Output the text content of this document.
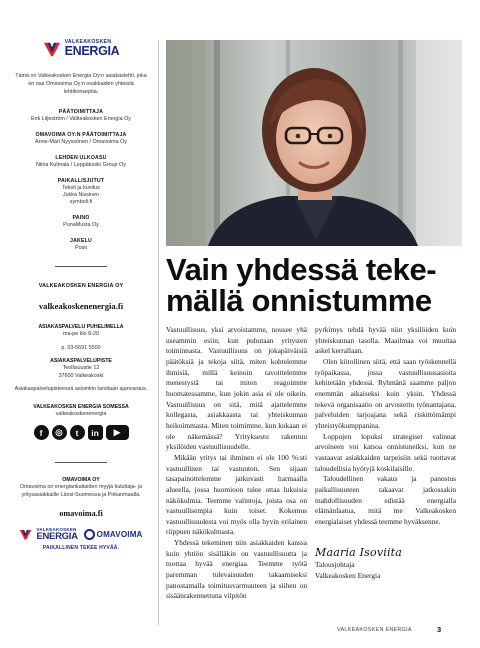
VALKEAKOSKEN
ENERGIA
Tämä on Valkeakosken Energia Oy:n asiakaslehti, joka on osa Omavoima Oy:n osakkaiden yhteistä lehtikonseptia.
PÄÄTOIMITTAJA
Erik Liljeström / Valkeakosken Energia Oy
OMAVOIMA OY:N PÄÄTOIMITTAJA
Anne-Mari Nyyssönen / Omavoima Oy
LEHDEN ULKOASU
Niina Kulmala / Leppäkoski Group Oy
PAIKALLISJUTUT
Teksti ja kuvitus
Jukka Nissinen
symboli.fi
PAINO
PunaMusta Oy
JAKELU
Posti
VALKEAKOSKEN ENERGIA OY
valkeakoskenenergia.fi
ASIAKASPALVELU PUHELIMELLA
ma-pe klo 8-20
p. 03-5691 5500
ASIAKASPALVELUPISTE
Teollisuustie 12
37600 Valkeakoski
Asiakaspalvelupisteessä asiointiin tarvitaan ajanvaraus.
VALKEAKOSKEN ENERGIA SOMESSA
valkeakoskenenergia
f	◎	t	in	▶
OMAVOIMA OY
Omavoima on energiankaltaiden myyjä kuluttaja- ja yritysasiakkaille Länsi-Suomessa ja Pirkanmaalla.
omavoima.fi
VALKEAKOSKEN
ENERGIA OMAVOIMA
PAIKALLINEN TEKEE HYVÄÄ.
Vain yhdessä teke-
mällä onnistumme

Vastuullisuus, yksi arvoistamme, nousee yhä useammin esiin, kun puhutaan yritysten toiminnasta. Vastuullisuus on jokapäiväisiä päätöksiä ja tekoja siitä, miten kohtelemme ihmisiä, millä keinoin tavoittelemme menestystä tai miten reagoimme huomatessamme, kun jokin asia ei ole oikein. Vastuullisuus on sitä, mitä ajattelemme kollegasta, asiakkaasta tai yhteiskunnan heikoimmasta. Miten toimimme, kun kukaan ei ole näkemässä? Yrityksestu rakentuu yksilöiden vastuullisuudelle.

Mikään yritys tai ihminen ei ole 100 %:sti vastuullinen tai vastuuton. Sen sijaan tasapainottelemme jatkuvasti harmaalla alueella, jossa huomioon tulee ottaa lukuisia näkökulmia. Teemme valintoja, joista osa on vastuullisempia kuin toiset. Kokemus vastuullisuudesta voi myös olla hyvin erilainen riippuen näkökulmasta.

Yhdessä tekeminen niin asiakkaiden kanssa kuin yhtiön sisälläkin on vastuullisuutta ja tuottaa hyvää energiaa. Teemme työtä paremman tulevaisuuden takaamiseksi panostamalla toimitusvarmuuteen ja siihen on sisäänrakennettuna vilpitön

pyrkimys tehdä hyvää niin yksilöiden kuin yhteiskunnan tasolla. Maailmaa voi muuttaa askel kerrallaan.

Olen kiitollinen siitä, että saan työskennellä työpaikassa, jossa vastuullisuusasioita kehitetään yhdessä. Ryhmänä saamme paljon enemmän aikaiseksi kuin yksin. Yhdessä tekevä organisaatio on arvostettu työnantajana, palveluiden tarjoajana sekä riskittömämpi yhteistyökumppanina.

Loppujen lopuksi strategiset valinnat arvoineen voi katsoa onnistuneiksi, kun ne vastaavat asiakkaiden tarpeisiin sekä tuottavat taloudellisia hyötyjä koskilaisille.

Taloudellinen vakaus ja panostus paikallisuuteen takaavat jatkossakin mahdollisuuden edistää energialla elämänlaatua, mitä me Valkeakosken energialaiset yhdessä teemme hyväksenne.

Maaria Isoviita
Talousjohtaja
Valkeakosken Energia
VALKEAKOSKEN ENERGIA	3
